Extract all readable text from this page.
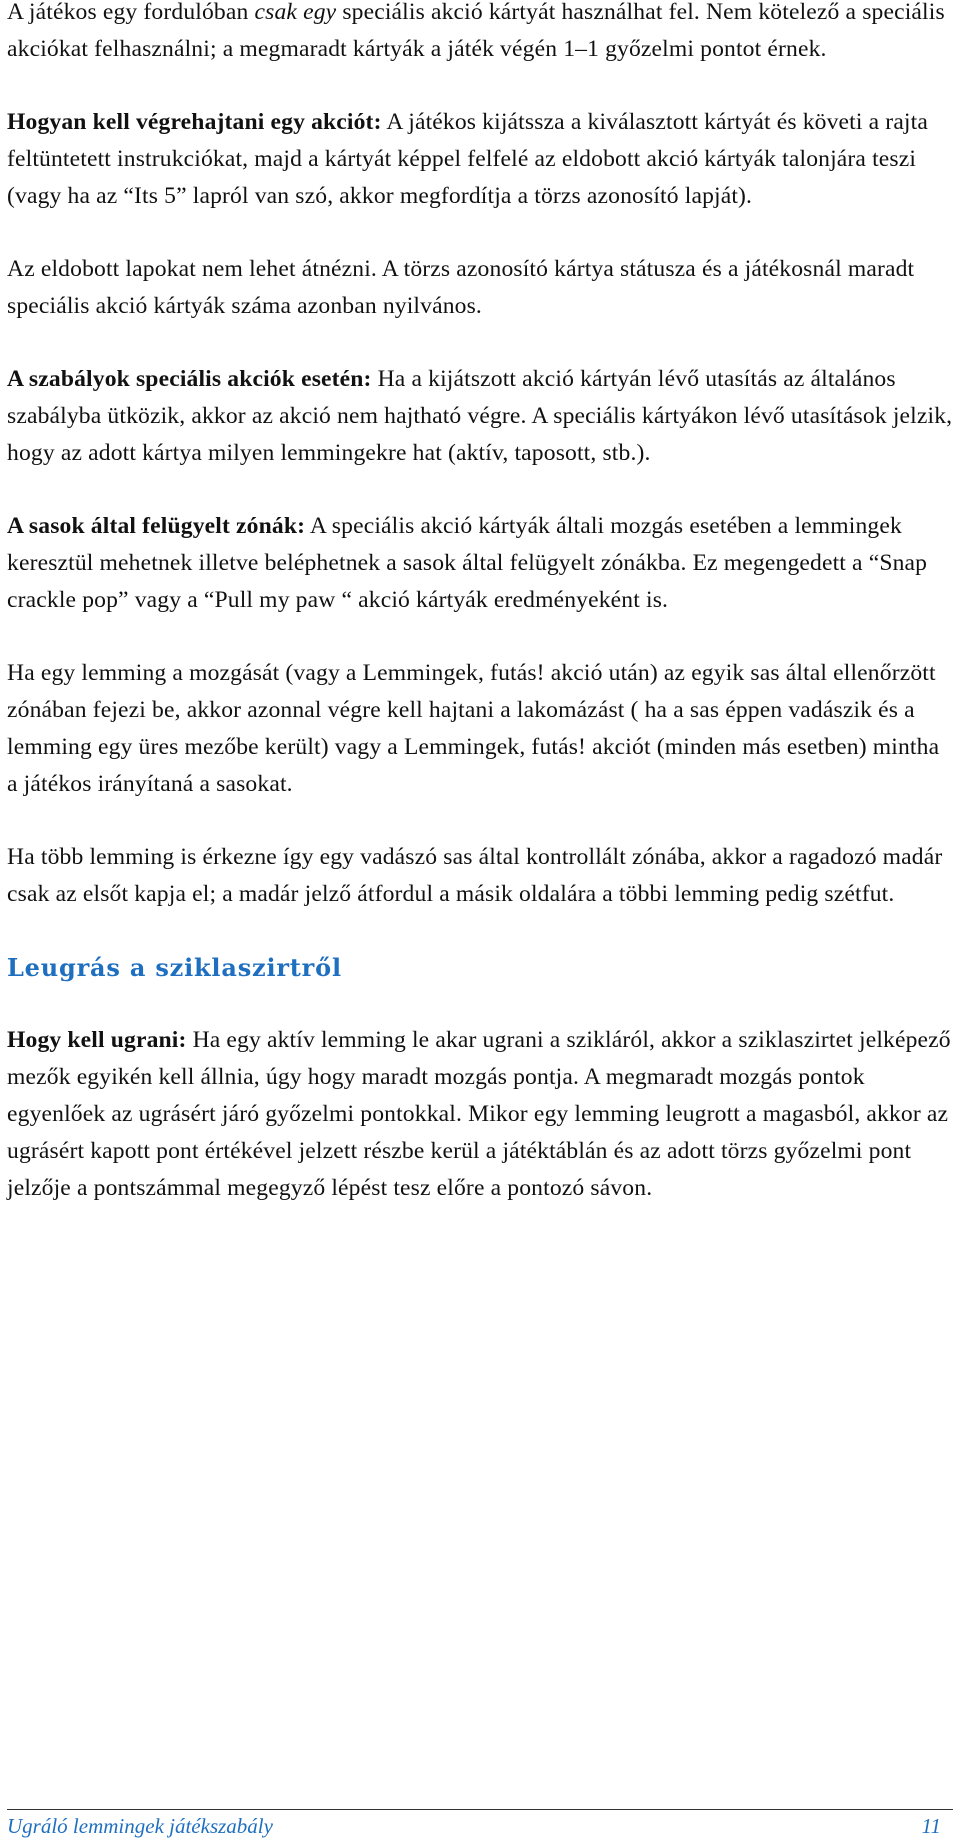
A játékos egy fordulóban csak egy speciális akció kártyát használhat fel. Nem kötelező a speciális akciókat felhasználni; a megmaradt kártyák a játék végén 1–1 győzelmi pontot érnek.

Hogyan kell végrehajtani egy akciót: A játékos kijátssza a kiválasztott kártyát és követi a rajta feltüntetett instrukciókat, majd a kártyát képpel felfelé az eldobott akció kártyák talonjára teszi (vagy ha az “Its 5” lapról van szó, akkor megfordítja a törzs azonosító lapját).

Az eldobott lapokat nem lehet átnézni. A törzs azonosító kártya státusza és a játékosnál maradt speciális akció kártyák száma azonban nyilvános.

A szabályok speciális akciók esetén: Ha a kijátszott akció kártyán lévő utasítás az általános szabályba ütközik, akkor az akció nem hajtható végre. A speciális kártyákon lévő utasítások jelzik, hogy az adott kártya milyen lemmingekre hat (aktív, taposott, stb.).

A sasok által felügyelt zónák: A speciális akció kártyák általi mozgás esetében a lemmingek keresztül mehetnek illetve beléphetnek a sasok által felügyelt zónákba. Ez megengedett a “Snap crackle pop” vagy a “Pull my paw “ akció kártyák eredményeként is.

Ha egy lemming a mozgását (vagy a Lemmingek, futás! akció után) az egyik sas által ellenőrzött zónában fejezi be, akkor azonnal végre kell hajtani a lakomázást ( ha a sas éppen vadászik és a lemming egy üres mezőbe került) vagy a Lemmingek, futás! akciót (minden más esetben) mintha a játékos irányítaná a sasokat.

Ha több lemming is érkezne így egy vadászó sas által kontrollált zónába, akkor a ragadozó madár csak az elsőt kapja el; a madár jelző átfordul a másik oldalára a többi lemming pedig szétfut.

Leugrás a sziklaszirtről

Hogy kell ugrani: Ha egy aktív lemming le akar ugrani a szikláról, akkor a sziklaszirtet jelképező mezők egyikén kell állnia, úgy hogy maradt mozgás pontja. A megmaradt mozgás pontok egyenlőek az ugrásért járó győzelmi pontokkal. Mikor egy lemming leugrott a magasból, akkor az ugrásért kapott pont értékével jelzett részbe kerül a játéktáblán és az adott törzs győzelmi pont jelzője a pontszámmal megegyző lépést tesz előre a pontozó sávon.

Ugráló lemmingek játékszabály	11
